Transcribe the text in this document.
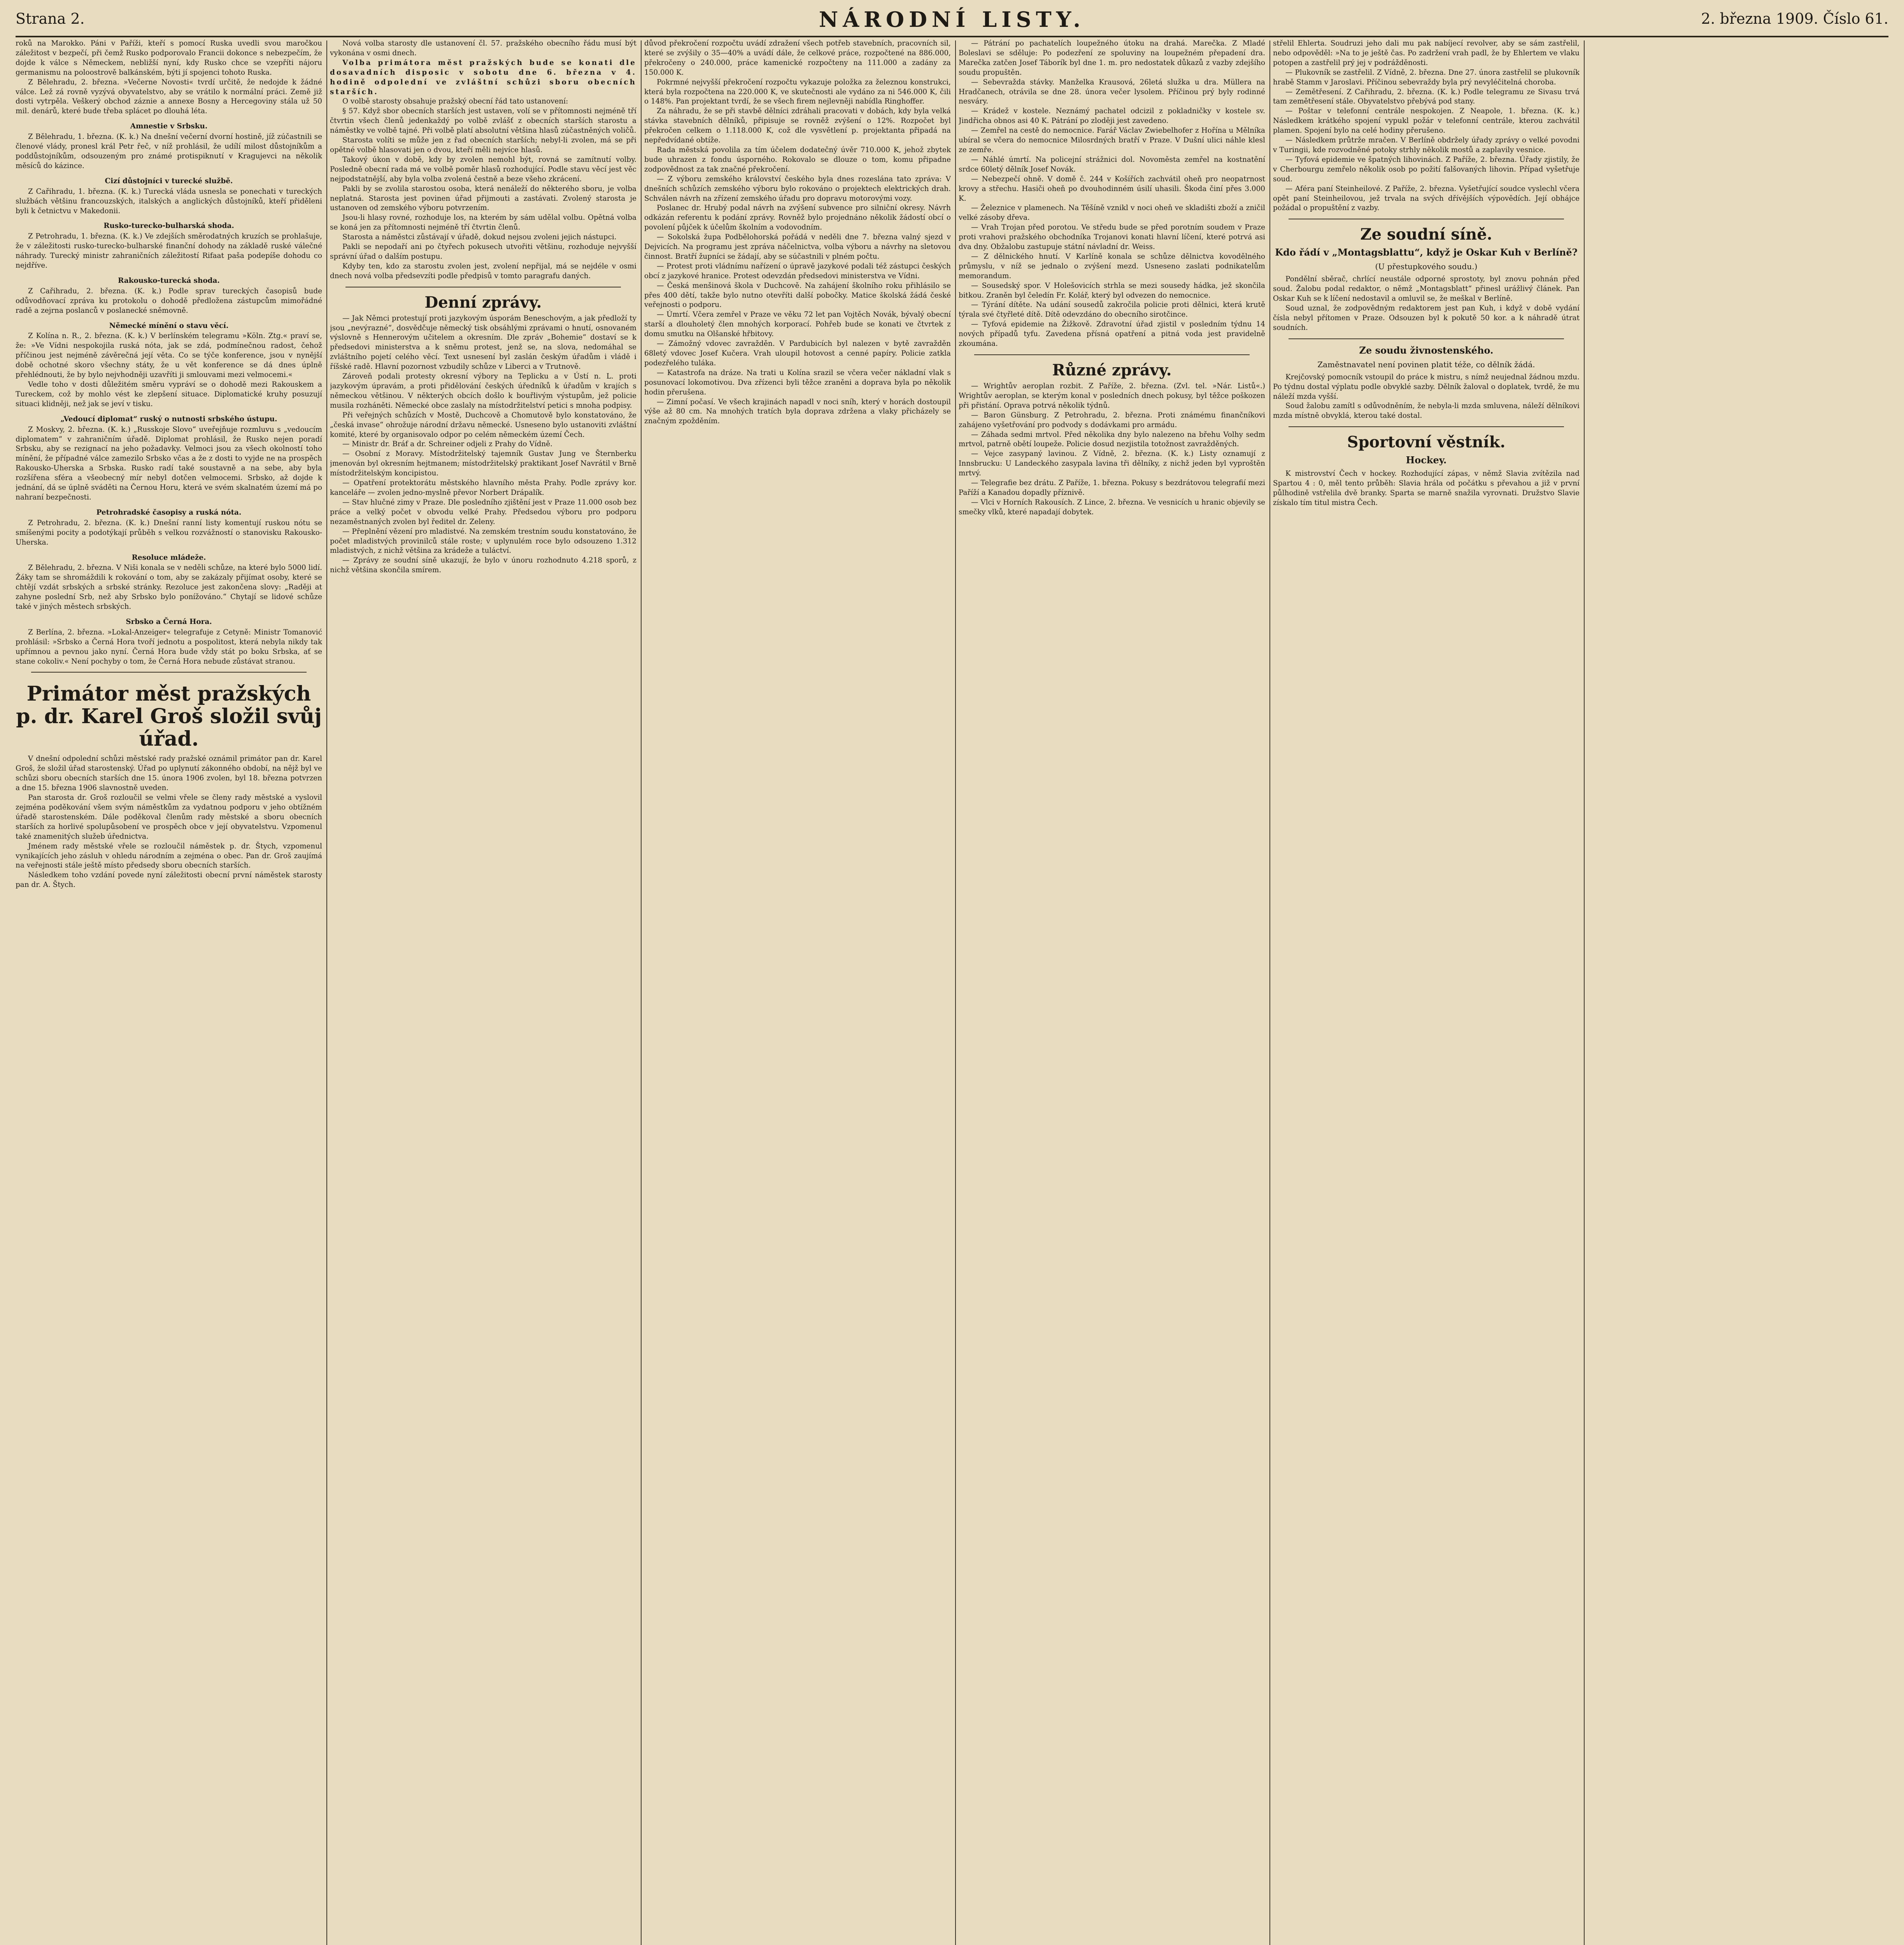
Strana 2.	NÁRODNÍ LISTY.	2. března 1909. Číslo 61.

roků na Marokko. Páni v Paříži, kteří s pomocí Ruska uvedli svou maročkou záležitost v bezpečí, při čemž Rusko podporovalo Francii dokonce s nebezpečím, že dojde k válce s Německem, nebližší nyní, kdy Rusko chce se vzepříti nájoru germanismu na poloostrově balkánském, býti jí spojenci tohoto Ruska.

Z Bělehradu, 2. března. »Večerne Novosti« tvrdí určitě, že nedojde k žádné válce. Lež zá rovně vyzývá obyvatelstvo, aby se vrátilo k normální práci. Země již dosti vytrpěla. Veškerý obchod záznie a annexe Bosny a Hercegoviny stála už 50 mil. denárů, které bude třeba splácet po dlouhá léta.

Amnestie v Srbsku.

Z Bělehradu, 1. března. (K. k.) Na dnešní večerní dvorní hostině, jíž zúčastnili se členové vlády, pronesl král Petr řeč, v níž prohlásil, že udílí milost důstojníkům a poddůstojníkům, odsouzeným pro známé protispiknutí v Kragujevci na několik měsíců do kázince.

Cizí důstojníci v turecké službě.

Z Cařihradu, 1. března. (K. k.) Turecká vláda usnesla se ponechati v tureckých službách většinu francouzských, italských a anglických důstojníků, kteří přiděleni byli k četnictvu v Makedonii.

Rusko-turecko-bulharská shoda.

Z Petrohradu, 1. března. (K. k.) Ve zdejších směrodatných kruzích se prohlašuje, že v záležitosti rusko-turecko-bulharské finanční dohody na základě ruské válečné náhrady. Turecký ministr zahraničních záležitostí Rifaat paša podepíše dohodu co nejdříve.

Rakousko-turecká shoda.

Z Cařihradu, 2. března. (K. k.) Podle sprav tureckých časopisů bude odůvodňovací zpráva ku protokolu o dohodě předložena zástupcům mimořádné radě a zejrna poslanců v poslanecké sněmovně.

Německé mínění o stavu věcí.

Z Kolína n. R., 2. března. (K. k.) V berlínském telegramu »Köln. Ztg.« praví se, že: »Ve Vídni nespokojila ruská nóta, jak se zdá, podmínečnou radost, čehož příčinou jest nejméně závěrečná její věta. Co se týče konference, jsou v nynější době ochotné skoro všechny státy, že u vět konference se dá dnes úplně přehlédnouti, že by bylo nejvhodněji uzavříti ji smlouvami mezi velmocemi.«

Vedle toho v dosti důležitém směru vypráví se o dohodě mezi Rakouskem a Tureckem, což by mohlo vést ke zlepšení situace. Diplomatické kruhy posuzují situaci klidněji, než jak se jeví v tisku.

„Vedoucí diplomat“ ruský o nutnosti srbského ústupu.

Z Moskvy, 2. března. (K. k.) „Russkoje Slovo“ uveřejňuje rozmluvu s „vedoucím diplomatem“ v zahraničním úřadě. Diplomat prohlásil, že Rusko nejen poradí Srbsku, aby se rezignací na jeho požadavky. Velmoci jsou za všech okolností toho mínění, že případné válce zamezilo Srbsko včas a že z dosti to vyjde ne na prospěch Rakousko-Uherska a Srbska. Rusko radí také soustavně a na sebe, aby byla rozšířena sféra a všeobecný mír nebyl dotčen velmocemi. Srbsko, až dojde k jednání, dá se úplně sváděti na Černou Horu, která ve svém skalnatém území má po nahraní bezpečnosti.

Petrohradské časopisy a ruská nóta.

Z Petrohradu, 2. března. (K. k.) Dnešní ranní listy komentují ruskou nótu se smíšenými pocity a podotýkají průběh s velkou rozvážností o stanovisku Rakousko-Uherska.

Resoluce mládeže.

Z Bělehradu, 2. března. V Niši konala se v neděli schůze, na které bylo 5000 lidí. Žáky tam se shromáždili k rokování o tom, aby se zakázaly přijímat osoby, které se chtějí vzdát srbských a srbské stránky. Rezoluce jest zakončena slovy: „Raději at zahyne poslední Srb, než aby Srbsko bylo ponížováno.“ Chytají se lidové schůze také v jiných městech srbských.

Srbsko a Černá Hora.

Z Berlína, 2. března. »Lokal-Anzeiger« telegrafuje z Cetyně: Ministr Tomanović prohlásil: »Srbsko a Černá Hora tvoří jednotu a pospolitost, která nebyla nikdy tak upřímnou a pevnou jako nyní. Černá Hora bude vždy stát po boku Srbska, ať se stane cokoliv.« Není pochyby o tom, že Černá Hora nebude zůstávat stranou.

Primátor měst pražských p. dr. Karel Groš složil svůj úřad.

V dnešní odpolední schůzi městské rady pražské oznámil primátor pan dr. Karel Groš, že složil úřad starostenský. Úřad po uplynutí zákonného období, na nějž byl ve schůzi sboru obecních starších dne 15. února 1906 zvolen, byl 18. března potvrzen a dne 15. března 1906 slavnostně uveden.

Pan starosta dr. Groš rozloučil se velmi vřele se členy rady městské a vyslovil zejména poděkování všem svým náměstkům za vydatnou podporu v jeho obtížném úřadě starostenském. Dále poděkoval členům rady městské a sboru obecních starších za horlivé spolupůsobení ve prospěch obce v její obyvatelstvu. Vzpomenul také znamenitých služeb úřednictva.

Jménem rady městské vřele se rozloučil náměstek p. dr. Štych, vzpomenul vynikajících jeho zásluh v ohledu národním a zejména o obec. Pan dr. Groš zaujímá na veřejnosti stále ještě místo předsedy sboru obecních starších.

Následkem toho vzdání povede nyní záležitosti obecní první náměstek starosty pan dr. A. Štych.

Nová volba starosty dle ustanovení čl. 57. pražského obecního řádu musí být vykonána v osmi dnech.

Volba primátora měst pražských bude se konati dle dosavadních disposic v sobotu dne 6. března v 4. hodině odpolední ve zvláštní schůzi sboru obecních starších.

O volbě starosty obsahuje pražský obecní řád tato ustanovení:

§ 57. Když sbor obecních starších jest ustaven, volí se v přítomnosti nejméně tří čtvrtin všech členů jedenkaždý po volbě zvlášť z obecních starších starostu a náměstky ve volbě tajné. Při volbě platí absolutní většina hlasů zúčastněných voličů.

Starosta volíti se může jen z řad obecních starších; nebyl-li zvolen, má se při opětné volbě hlasovati jen o dvou, kteří měli nejvíce hlasů.

Takový úkon v době, kdy by zvolen nemohl být, rovná se zamítnutí volby. Posledně obecní rada má ve volbě poměr hlasů rozhodující. Podle stavu věcí jest věc nejpodstatnější, aby byla volba zvolená čestně a beze všeho zkrácení.

Pakli by se zvolila starostou osoba, která nenáleží do některého sboru, je volba neplatná. Starosta jest povinen úřad přijmouti a zastávati. Zvolený starosta je ustanoven od zemského výboru potvrzením.

Jsou-li hlasy rovné, rozhoduje los, na kterém by sám udělal volbu. Opětná volba se koná jen za přítomnosti nejméně tří čtvrtin členů.

Starosta a náměstci zůstávají v úřadě, dokud nejsou zvoleni jejich nástupci.

Pakli se nepodaří ani po čtyřech pokusech utvořiti většinu, rozhoduje nejvyšší správní úřad o dalším postupu.

Kdyby ten, kdo za starostu zvolen jest, zvolení nepřijal, má se nejdéle v osmi dnech nová volba předsevzíti podle předpisů v tomto paragrafu daných.

Denní zprávy.

— Jak Němci protestují proti jazykovým úsporám Beneschovým, a jak předloží ty jsou „nevýrazné“, dosvědčuje německý tisk obsáhlými zprávami o hnutí, osnovaném výslovně s Hennerovým učitelem a okresním. Dle zpráv „Bohemie“ dostaví se k předsedovi ministerstva a k sněmu protest, jenž se, na slova, nedomáhal se zvláštního pojetí celého věcí. Text usnesení byl zaslán českým úřadům i vládě i říšské radě. Hlavní pozornost vzbudily schůze v Liberci a v Trutnově.

Zároveň podali protesty okresní výbory na Teplicku a v Ústí n. L. proti jazykovým úpravám, a proti přidělování českých úředníků k úřadům v krajích s německou většinou. V některých obcích došlo k bouřlivým výstupům, jež policie musila rozháněti. Německé obce zaslaly na místodržitelství petici s mnoha podpisy.

Při veřejných schůzích v Mostě, Duchcově a Chomutově bylo konstatováno, že „česká invase“ ohrožuje národní državu německé. Usneseno bylo ustanoviti zvláštní komité, které by organisovalo odpor po celém německém území Čech.

— Ministr dr. Bráf a dr. Schreiner odjeli z Prahy do Vídně.

— Osobní z Moravy. Místodržitelský tajemník Gustav Jung ve Šternberku jmenován byl okresním hejtmanem; místodržitelský praktikant Josef Navrátil v Brně místodržitelským koncipistou.

— Opatření protektorátu městského hlavního města Prahy. Podle zprávy kor. kanceláře — zvolen jedno-myslně převor Norbert Drápalík.

— Stav hlučné zimy v Praze. Dle posledního zjištění jest v Praze 11.000 osob bez práce a velký počet v obvodu velké Prahy. Předsedou výboru pro podporu nezaměstnaných zvolen byl ředitel dr. Zeleny.

— Přeplnění vězení pro mladistvé. Na zemském trestním soudu konstatováno, že počet mladistvých provinilců stále roste; v uplynulém roce bylo odsouzeno 1.312 mladistvých, z nichž většina za krádeže a tuláctví.

— Zprávy ze soudní síně ukazují, že bylo v únoru rozhodnuto 4.218 sporů, z nichž většina skončila smírem.

důvod překročení rozpočtu uvádí zdražení všech potřeb stavebních, pracovních sil, které se zvýšily o 35—40% a uvádí dále, že celkové práce, rozpočtené na 886.000, překročeny o 240.000, práce kamenické rozpočteny na 111.000 a zadány za 150.000 K.

Pokrmné nejvyšší překročení rozpočtu vykazuje položka za železnou konstrukci, která byla rozpočtena na 220.000 K, ve skutečnosti ale vydáno za ni 546.000 K, čili o 148%. Pan projektant tvrdí, že se všech firem nejlevněji nabídla Ringhoffer.

Za náhradu, že se při stavbě dělníci zdráhali pracovati v dobách, kdy byla velká stávka stavebních dělníků, připisuje se rovněž zvýšení o 12%. Rozpočet byl překročen celkem o 1.118.000 K, což dle vysvětlení p. projektanta připadá na nepředvídané obtíže.

Rada městská povolila za tím účelem dodatečný úvěr 710.000 K, jehož zbytek bude uhrazen z fondu úsporného. Rokovalo se dlouze o tom, komu připadne zodpovědnost za tak značné překročení.

— Z výboru zemského království českého byla dnes rozeslána tato zpráva: V dnešních schůzích zemského výboru bylo rokováno o projektech elektrických drah. Schválen návrh na zřízení zemského úřadu pro dopravu motorovými vozy.

Poslanec dr. Hrubý podal návrh na zvýšení subvence pro silniční okresy. Návrh odkázán referentu k podání zprávy. Rovněž bylo projednáno několik žádostí obcí o povolení půjček k účelům školním a vodovodním.

— Sokolská župa Podbělohorská pořádá v neděli dne 7. března valný sjezd v Dejvicích. Na programu jest zpráva náčelnictva, volba výboru a návrhy na sletovou činnost. Bratří župníci se žádají, aby se súčastnili v plném počtu.

— Protest proti vládnímu nařízení o úpravě jazykové podali též zástupci českých obcí z jazykové hranice. Protest odevzdán předsedovi ministerstva ve Vídni.

— Česká menšinová škola v Duchcově. Na zahájení školního roku přihlásilo se přes 400 dětí, takže bylo nutno otevříti další pobočky. Matice školská žádá české veřejnosti o podporu.

— Úmrtí. Včera zemřel v Praze ve věku 72 let pan Vojtěch Novák, bývalý obecní starší a dlouholetý člen mnohých korporací. Pohřeb bude se konati ve čtvrtek z domu smutku na Olšanské hřbitovy.

— Zámožný vdovec zavražděn. V Pardubicích byl nalezen v bytě zavražděn 68letý vdovec Josef Kučera. Vrah uloupil hotovost a cenné papíry. Policie zatkla podezřelého tuláka.

— Katastrofa na dráze. Na trati u Kolína srazil se včera večer nákladní vlak s posunovací lokomotivou. Dva zřízenci byli těžce zraněni a doprava byla po několik hodin přerušena.

— Zimní počasí. Ve všech krajinách napadl v noci sníh, který v horách dostoupil výše až 80 cm. Na mnohých tratích byla doprava zdržena a vlaky přicházely se značným zpožděním.

— Pátrání po pachatelích loupežného útoku na drahá. Marečka. Z Mladé Boleslavi se sděluje: Po podezření ze spoluviny na loupežném přepadení dra. Marečka zatčen Josef Táborík byl dne 1. m. pro nedostatek důkazů z vazby zdejšího soudu propuštěn.

— Sebevražda stávky. Manželka Krausová, 26letá služka u dra. Müllera na Hradčanech, otrávila se dne 28. února večer lysolem. Příčinou prý byly rodinné nesváry.

— Krádež v kostele. Neznámý pachatel odcizil z pokladničky v kostele sv. Jindřicha obnos asi 40 K. Pátrání po zloději jest zavedeno.

— Zemřel na cestě do nemocnice. Farář Václav Zwiebelhofer z Hořína u Mělníka ubíral se včera do nemocnice Milosrdných bratří v Praze. V Dušní ulici náhle klesl ze zemře.

— Náhlé úmrtí. Na policejní strážnici dol. Novoměsta zemřel na kostnatění srdce 60letý dělník Josef Novák.

— Nebezpečí ohně. V domě č. 244 v Košířích zachvátil oheň pro neopatrnost krovy a střechu. Hasiči oheň po dvouhodinném úsilí uhasili. Škoda činí přes 3.000 K.

— Železnice v plamenech. Na Těšíně vznikl v noci oheň ve skladišti zboží a zničil velké zásoby dřeva.

— Vrah Trojan před porotou. Ve středu bude se před porotním soudem v Praze proti vrahovi pražského obchodníka Trojanovi konati hlavní líčení, které potrvá asi dva dny. Obžalobu zastupuje státní návladní dr. Weiss.

— Z dělnického hnutí. V Karlíně konala se schůze dělnictva kovodělného průmyslu, v níž se jednalo o zvýšení mezd. Usneseno zaslati podnikatelům memorandum.

— Sousedský spor. V Holešovicích strhla se mezi sousedy hádka, jež skončila bitkou. Zraněn byl čeledín Fr. Kolář, který byl odvezen do nemocnice.

— Týrání dítěte. Na udání sousedů zakročila policie proti dělnici, která krutě týrala své čtyřleté dítě. Dítě odevzdáno do obecního sirotčince.

— Tyfová epidemie na Žižkově. Zdravotní úřad zjistil v posledním týdnu 14 nových případů tyfu. Zavedena přísná opatření a pitná voda jest pravidelně zkoumána.

Různé zprávy.

— Wrightův aeroplan rozbit. Z Paříže, 2. března. (Zvl. tel. »Nár. Listů«.) Wrightův aeroplan, se kterým konal v posledních dnech pokusy, byl těžce poškozen při přistání. Oprava potrvá několik týdnů.

— Baron Günsburg. Z Petrohradu, 2. března. Proti známému finančníkovi zahájeno vyšetřování pro podvody s dodávkami pro armádu.

— Záhada sedmi mrtvol. Před několika dny bylo nalezeno na břehu Volhy sedm mrtvol, patrně obětí loupeže. Policie dosud nezjistila totožnost zavražděných.

— Vejce zasypaný lavinou. Z Vídně, 2. března. (K. k.) Listy oznamují z Innsbrucku: U Landeckého zasypala lavina tři dělníky, z nichž jeden byl vyproštěn mrtvý.

— Telegrafie bez drátu. Z Paříže, 1. března. Pokusy s bezdrátovou telegrafií mezi Paříží a Kanadou dopadly příznivě.

— Vlci v Horních Rakousích. Z Lince, 2. března. Ve vesnicích u hranic objevily se smečky vlků, které napadají dobytek.

střelil Ehlerta. Soudruzi jeho dali mu pak nabíjecí revolver, aby se sám zastřelil, nebo odpověděl: »Na to je ještě čas. Po zadržení vrah padl, že by Ehlertem ve vlaku potopen a zastřelil prý jej v podrážděnosti.

— Plukovník se zastřelil. Z Vídně, 2. března. Dne 27. února zastřelil se plukovník hrabě Stamm v Jaroslavi. Příčinou sebevraždy byla prý nevyléčitelná choroba.

— Zemětřesení. Z Cařihradu, 2. března. (K. k.) Podle telegramu ze Sivasu trvá tam zemětřesení stále. Obyvatelstvo přebývá pod stany.

— Poštar v telefonní centrále nespokojen. Z Neapole, 1. března. (K. k.) Následkem krátkého spojení vypukl požár v telefonní centrále, kterou zachvátil plamen. Spojení bylo na celé hodiny přerušeno.

— Následkem průtrže mračen. V Berlíně obdržely úřady zprávy o velké povodni v Turingii, kde rozvodněné potoky strhly několik mostů a zaplavily vesnice.

— Tyfová epidemie ve špatných lihovinách. Z Paříže, 2. března. Úřady zjistily, že v Cherbourgu zemřelo několik osob po požití falšovaných lihovin. Případ vyšetřuje soud.

— Aféra paní Steinheilové. Z Paříže, 2. března. Vyšetřující soudce vyslechl včera opět paní Steinheilovou, jež trvala na svých dřívějších výpovědích. Její obhájce požádal o propuštění z vazby.

Ze soudní síně.
Kdo řádí v „Montagsblattu“, když je Oskar Kuh v Berlíně?
(U přestupkového soudu.)

Pondělní sběrač, chrlící neustále odporné sprostoty, byl znovu pohnán před soud. Žalobu podal redaktor, o němž „Montagsblatt“ přinesl urážlivý článek. Pan Oskar Kuh se k líčení nedostavil a omluvil se, že meškal v Berlíně.

Soud uznal, že zodpovědným redaktorem jest pan Kuh, i když v době vydání čísla nebyl přítomen v Praze. Odsouzen byl k pokutě 50 kor. a k náhradě útrat soudních.

Ze soudu živnostenského.
Zaměstnavatel není povinen platit téže, co dělník žádá.

Krejčovský pomocník vstoupil do práce k mistru, s nímž neujednal žádnou mzdu. Po týdnu dostal výplatu podle obvyklé sazby. Dělník žaloval o doplatek, tvrdě, že mu náleží mzda vyšší.

Soud žalobu zamítl s odůvodněním, že nebyla-li mzda smluvena, náleží dělníkovi mzda místně obvyklá, kterou také dostal.

Sportovní věstník.
Hockey.

K mistrovství Čech v hockey. Rozhodující zápas, v němž Slavia zvítězila nad Spartou 4 : 0, měl tento průběh: Slavia hrála od počátku s převahou a již v první půlhodině vstřelila dvě branky. Sparta se marně snažila vyrovnati. Družstvo Slavie získalo tím titul mistra Čech.
